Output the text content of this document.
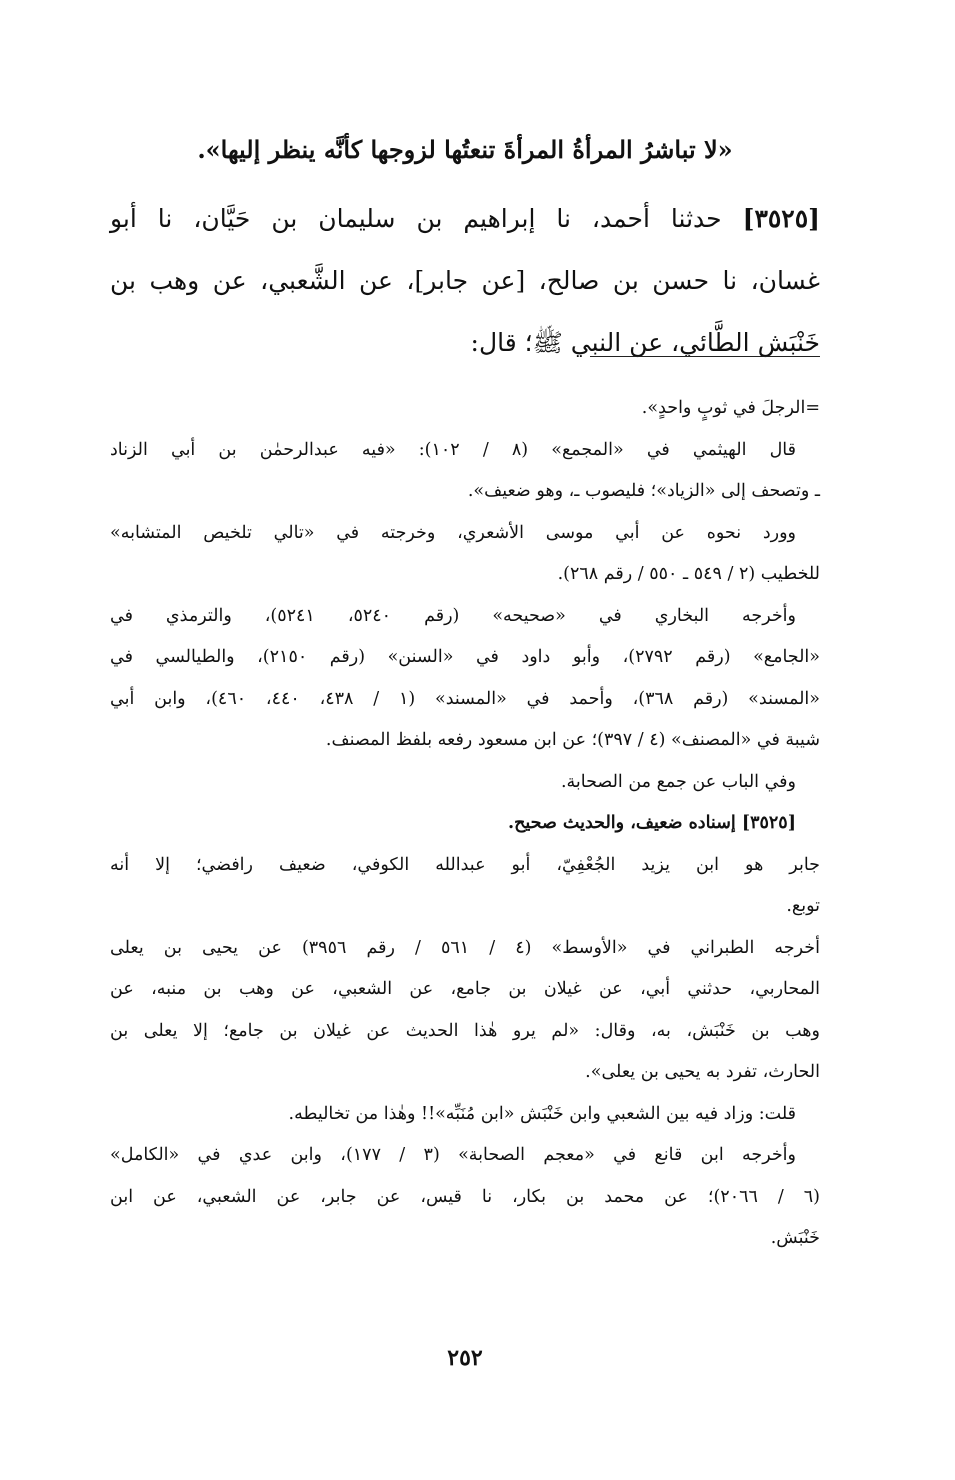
«لا تباشرُ المرأةُ المرأةَ تنعتُها لزوجها كأنَّه ينظر إليها».
[٣٥٢٥] حدثنا أحمد، نا إبراهيم بن سليمان بن حَيَّان، نا أبو
غسان، نا حسن بن صالح، [عن جابر]، عن الشَّعبي، عن وهب بن
خَنْبَش الطَّائي، عن النبي ﷺ؛ قال:
=الرجلَ في ثوبٍ واحدٍ».
قال الهيثمي في «المجمع» (٨ / ١٠٢): «فيه عبدالرحمٰن بن أبي الزناد
ـ وتصحف إلى «الزياد»؛ فليصوب ـ، وهو ضعيف».
وورد نحوه عن أبي موسى الأشعري، وخرجته في «تالي تلخيص المتشابه»
للخطيب (٢ / ٥٤٩ ـ ٥٥٠ / رقم ٢٦٨).
وأخرجه البخاري في «صحيحه» (رقم ٥٢٤٠، ٥٢٤١)، والترمذي في
«الجامع» (رقم ٢٧٩٢)، وأبو داود في «السنن» (رقم ٢١٥٠)، والطيالسي في
«المسند» (رقم ٣٦٨)، وأحمد في «المسند» (١ / ٤٣٨، ٤٤٠، ٤٦٠)، وابن أبي
شيبة في «المصنف» (٤ / ٣٩٧)؛ عن ابن مسعود رفعه بلفظ المصنف.
وفي الباب عن جمع من الصحابة.
[٣٥٢٥] إسناده ضعيف، والحديث صحيح.
جابر هو ابن يزيد الجُعْفِيّ، أبو عبدالله الكوفي، ضعيف رافضي؛ إلا أنه
توبع.
أخرجه الطبراني في «الأوسط» (٤ / ٥٦١ / رقم ٣٩٥٦) عن يحيى بن يعلى
المحاربي، حدثني أبي، عن غيلان بن جامع، عن الشعبي، عن وهب بن منبه، عن
وهب بن خَنْبَش، به، وقال: «لم يرو هٰذا الحديث عن غيلان بن جامع؛ إلا يعلى بن
الحارث، تفرد به يحيى بن يعلى».
قلت: وزاد فيه بين الشعبي وابن خَنْبَش «ابن مُنَبِّه»!! وهٰذا من تخاليطه.
وأخرجه ابن قانع في «معجم الصحابة» (٣ / ١٧٧)، وابن عدي في «الكامل»
(٦ / ٢٠٦٦)؛ عن محمد بن بكار، نا قيس، عن جابر، عن الشعبي، عن ابن
خَنْبَش.
٢٥٢
